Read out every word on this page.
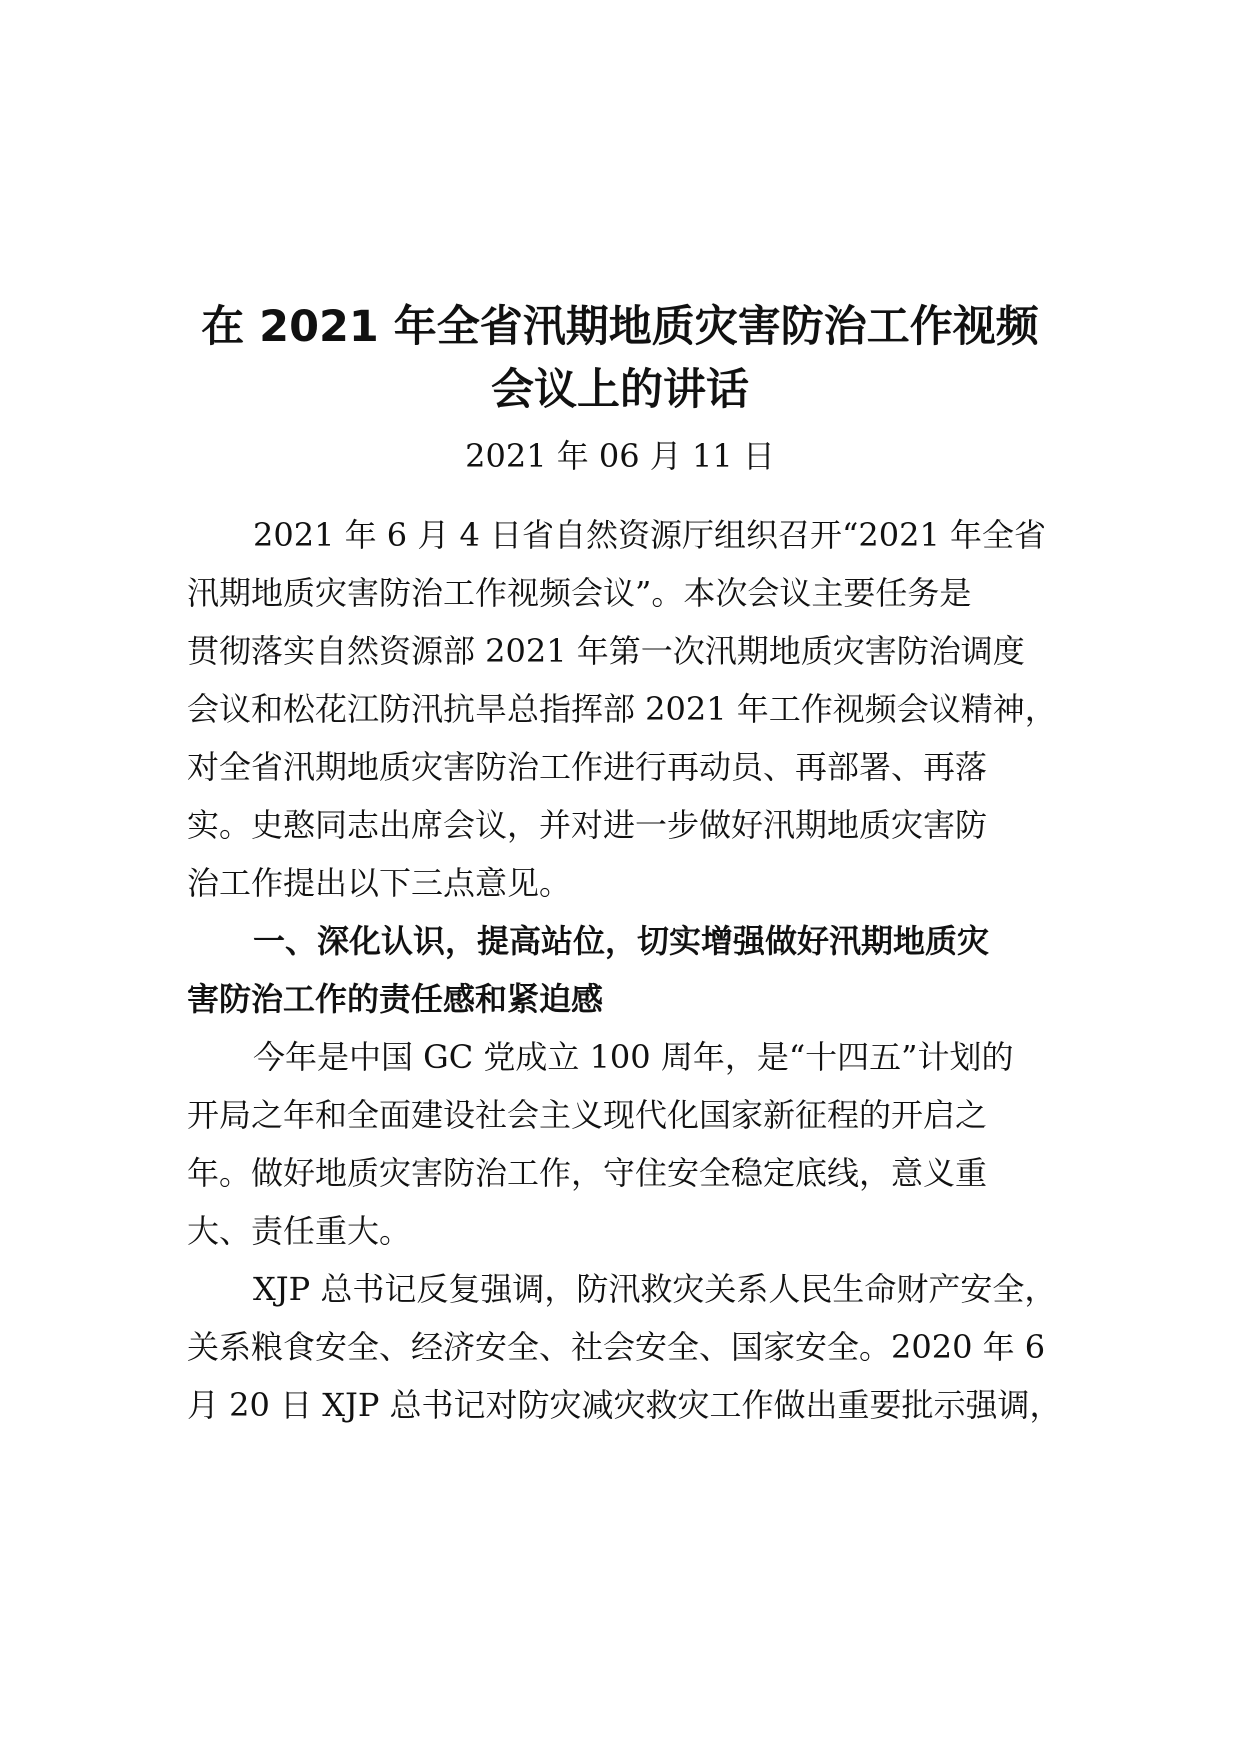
在 2021 年全省汛期地质灾害防治工作视频
会议上的讲话
2021 年 06 月 11 日
2021 年 6 月 4 日省自然资源厅组织召开“2021 年全省
汛期地质灾害防治工作视频会议”。本次会议主要任务是
贯彻落实自然资源部 2021 年第一次汛期地质灾害防治调度
会议和松花江防汛抗旱总指挥部 2021 年工作视频会议精神，
对全省汛期地质灾害防治工作进行再动员、再部署、再落
实。史憨同志出席会议，并对进一步做好汛期地质灾害防
治工作提出以下三点意见。
一、深化认识，提高站位，切实增强做好汛期地质灾
害防治工作的责任感和紧迫感
今年是中国 GC 党成立 100 周年，是“十四五”计划的
开局之年和全面建设社会主义现代化国家新征程的开启之
年。做好地质灾害防治工作，守住安全稳定底线，意义重
大、责任重大。
XJP 总书记反复强调，防汛救灾关系人民生命财产安全，
关系粮食安全、经济安全、社会安全、国家安全。2020 年 6
月 20 日 XJP 总书记对防灾减灾救灾工作做出重要批示强调，
